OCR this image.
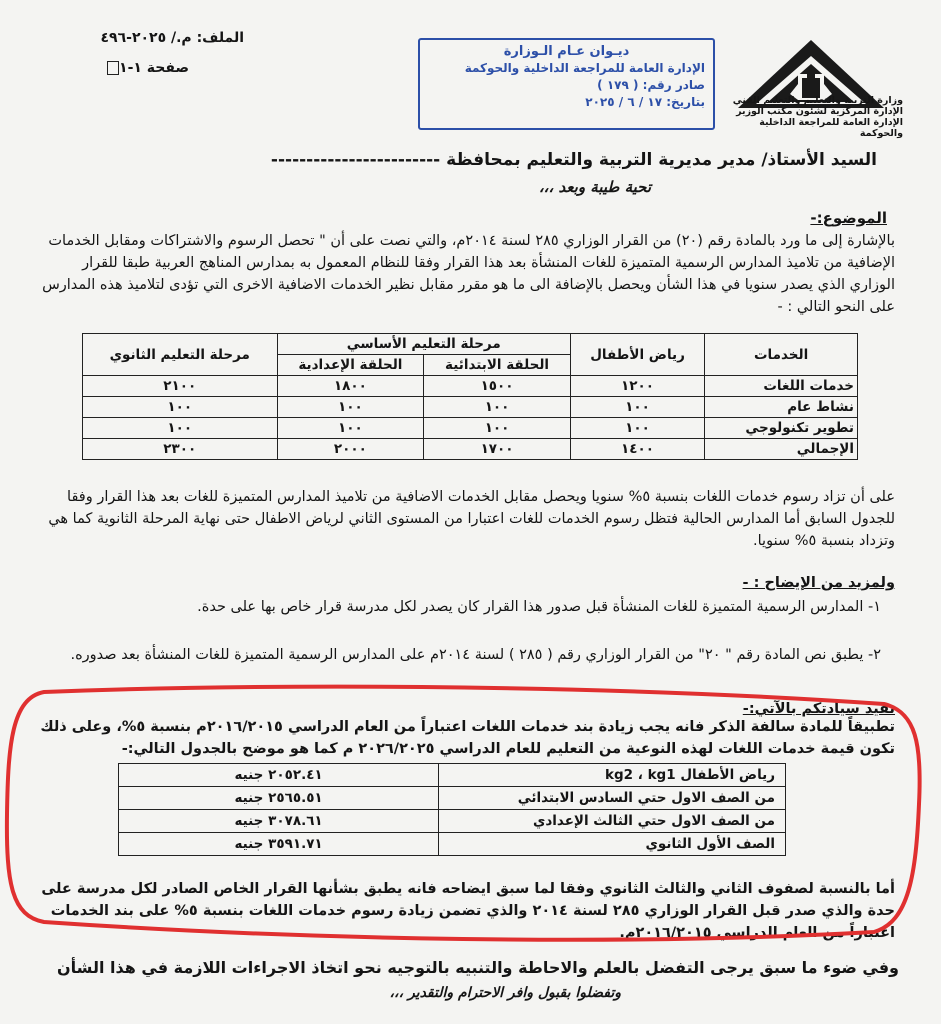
الملف: م./ ٢٠٢٥-٤٩٦
صفحة ١-١
ديـوان عـام الـوزارة
الإدارة العامة للمراجعة الداخلية والحوكمة
صادر رقم: ( ١٧٩ )
بتاريخ: ١٧ / ٦ / ٢٠٢٥	وزارة التربية والتعليم والتعليم الفني
الإدارة المركزية لشئون مكتب الوزير
الإدارة العامة للمراجعة الداخلية والحوكمة
السيد الأستاذ/ مدير مديرية التربية والتعليم بمحافظة ------------------------
تحية طيبة وبعد ،،،
الموضوع:-
بالإشارة إلى ما ورد بالمادة رقم (٢٠) من القرار الوزاري ٢٨٥ لسنة ٢٠١٤م، والتي نصت على أن " تحصل الرسوم والاشتراكات ومقابل الخدمات الإضافية من تلاميذ المدارس الرسمية المتميزة للغات المنشأة بعد هذا القرار وفقا للنظام المعمول به بمدارس المناهج العربية طبقا للقرار الوزاري الذي يصدر سنويا في هذا الشأن ويحصل بالإضافة الى ما هو مقرر مقابل نظير الخدمات الاضافية الاخرى التي تؤدى لتلاميذ هذه المدارس على النحو التالي : -
الخدمات	رياض الأطفال	مرحلة التعليم الأساسي		مرحلة التعليم الثانوي
		الحلقة الابتدائية	الحلقة الإعدادية	
خدمات اللغات	١٢٠٠	١٥٠٠	١٨٠٠	٢١٠٠
نشاط عام	١٠٠	١٠٠	١٠٠	١٠٠
تطوير تكنولوجي	١٠٠	١٠٠	١٠٠	١٠٠
الإجمالي	١٤٠٠	١٧٠٠	٢٠٠٠	٢٣٠٠
على أن تزاد رسوم خدمات اللغات بنسبة ٥% سنويا ويحصل مقابل الخدمات الاضافية من تلاميذ المدارس المتميزة للغات بعد هذا القرار وفقا للجدول السابق أما المدارس الحالية فتظل رسوم الخدمات للغات اعتبارا من المستوى الثاني لرياض الاطفال حتى نهاية المرحلة الثانوية كما هي وتزداد بنسبة ٥% سنويا.
ولمزيد من الإيضاح : -
١- المدارس الرسمية المتميزة للغات المنشأة قبل صدور هذا القرار كان يصدر لكل مدرسة قرار خاص بها على حدة.
٢- يطبق نص المادة رقم " ٢٠" من القرار الوزاري رقم ( ٢٨٥ ) لسنة ٢٠١٤م على المدارس الرسمية المتميزة للغات المنشأة بعد صدوره.
نفيد سيادتكم بالآتي:-
تطبيقاً للمادة سالفة الذكر فانه يجب زيادة بند خدمات اللغات اعتباراً من العام الدراسي ٢٠١٦/٢٠١٥م بنسبة ٥%، وعلى ذلك تكون قيمة خدمات اللغات لهذه النوعية من التعليم للعام الدراسي ٢٠٢٦/٢٠٢٥ م كما هو موضح بالجدول التالي:-
رياض الأطفال kg2 ، kg1	٢٠٥٢.٤١ جنيه
من الصف الاول حتي السادس الابتدائي	٢٥٦٥.٥١ جنيه
من الصف الاول حتي الثالث الإعدادي	٣٠٧٨.٦١ جنيه
الصف الأول الثانوي	٣٥٩١.٧١ جنيه
أما بالنسبة لصفوف الثاني والثالث الثانوي وفقا لما سبق ايضاحه فانه يطبق بشأنها القرار الخاص الصادر لكل مدرسة على حدة والذي صدر قبل القرار الوزاري ٢٨٥ لسنة ٢٠١٤ والذي تضمن زيادة رسوم خدمات اللغات بنسبة ٥% على بند الخدمات اعتباراً من العام الدراسي ٢٠١٦/٢٠١٥م.
وفي ضوء ما سبق يرجى التفضل بالعلم والاحاطة والتنبيه بالتوجيه نحو اتخاذ الاجراءات اللازمة في هذا الشأن
وتفضلوا بقبول وافر الاحترام والتقدير ،،،
